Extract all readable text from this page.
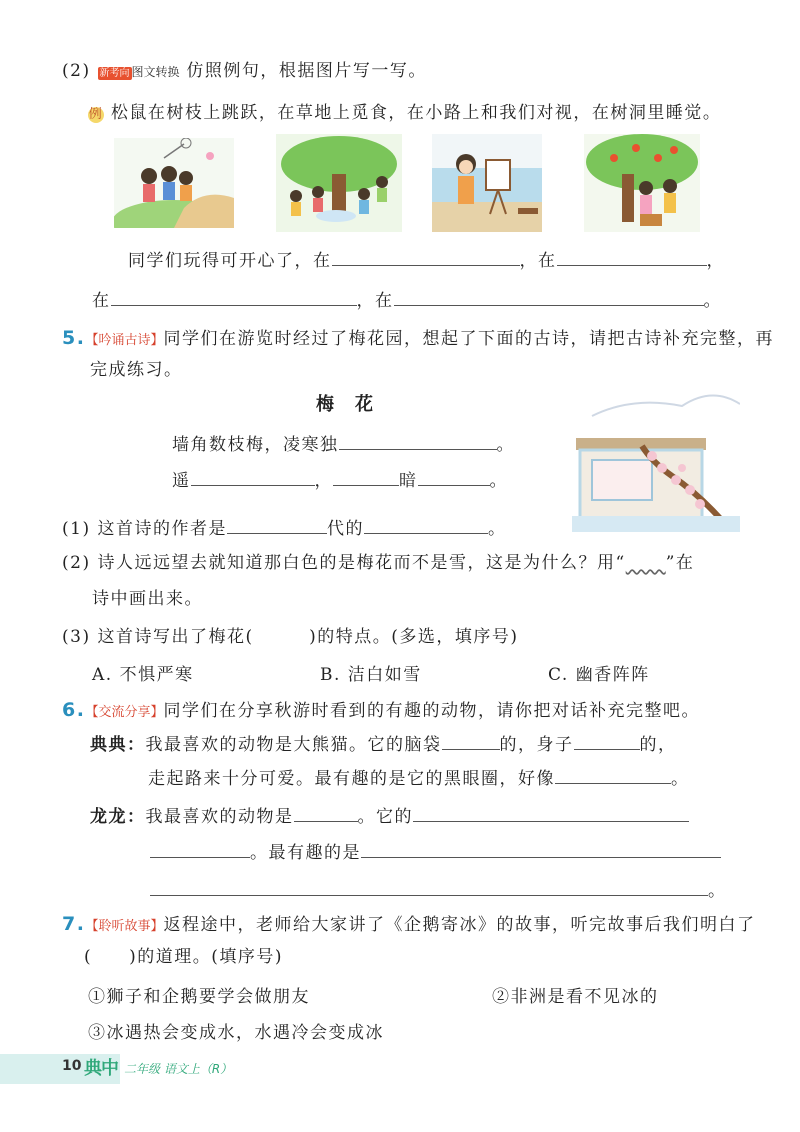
(2) 新考向 图文转换 仿照例句，根据图片写一写。
例 松鼠在树枝上跳跃，在草地上觅食，在小路上和我们对视，在树洞里睡觉。
同学们玩得可开心了，在	，在	，
在	，在	。
5.【吟诵古诗】同学们在游览时经过了梅花园，想起了下面的古诗，请把古诗补充完整，再
完成练习。
梅　花
墙角数枝梅，凌寒独	。
遥	，	暗	。
(1) 这首诗的作者是	代的	。
(2) 诗人远远望去就知道那白色的是梅花而不是雪，这是为什么？用“ ”在
诗中画出来。
(3) 这首诗写出了梅花(　　　)的特点。(多选，填序号)
A. 不惧严寒	B. 洁白如雪	C. 幽香阵阵
6.【交流分享】同学们在分享秋游时看到的有趣的动物，请你把对话补充完整吧。
典典：我最喜欢的动物是大熊猫。它的脑袋	的，身子	的，
走起路来十分可爱。最有趣的是它的黑眼圈，好像	。
龙龙：我最喜欢的动物是	。它的
。最有趣的是
。
7.【聆听故事】返程途中，老师给大家讲了《企鹅寄冰》的故事，听完故事后我们明白了
(　　)的道理。(填序号)
①狮子和企鹅要学会做朋友	②非洲是看不见冰的
③冰遇热会变成水，水遇冷会变成冰
10 典中 二年级 语文上（R）
